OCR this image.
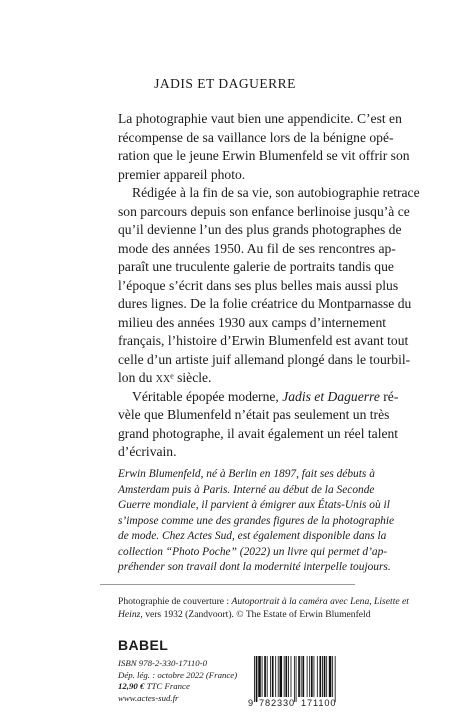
JADIS ET DAGUERRE
La photographie vaut bien une appendicite. C’est en
récompense de sa vaillance lors de la bénigne opé-
ration que le jeune Erwin Blumenfeld se vit offrir son
premier appareil photo.
Rédigée à la fin de sa vie, son autobiographie retrace
son parcours depuis son enfance berlinoise jusqu’à ce
qu’il devienne l’un des plus grands photographes de
mode des années 1950. Au fil de ses rencontres ap-
paraît une truculente galerie de portraits tandis que
l’époque s’écrit dans ses plus belles mais aussi plus
dures lignes. De la folie créatrice du Montparnasse du
milieu des années 1930 aux camps d’internement
français, l’histoire d’Erwin Blumenfeld est avant tout
celle d’un artiste juif allemand plongé dans le tourbil-
lon du xxᵉ siècle.
Véritable épopée moderne, Jadis et Daguerre ré-
vèle que Blumenfeld n’était pas seulement un très
grand photographe, il avait également un réel talent
d’écrivain.
Erwin Blumenfeld, né à Berlin en 1897, fait ses débuts à
Amsterdam puis à Paris. Interné au début de la Seconde
Guerre mondiale, il parvient à émigrer aux États-Unis où il
s’impose comme une des grandes figures de la photographie
de mode. Chez Actes Sud, est également disponible dans la
collection “Photo Poche” (2022) un livre qui permet d’ap-
préhender son travail dont la modernité interpelle toujours.
Photographie de couverture : Autoportrait à la caméra avec Lena, Lisette et
Heinz, vers 1932 (Zandvoort). © The Estate of Erwin Blumenfeld
BABEL
ISBN 978-2-330-17110-0
Dép. lég. : octobre 2022 (France)
12,90 € TTC France
www.actes-sud.fr
9 782330 171100
